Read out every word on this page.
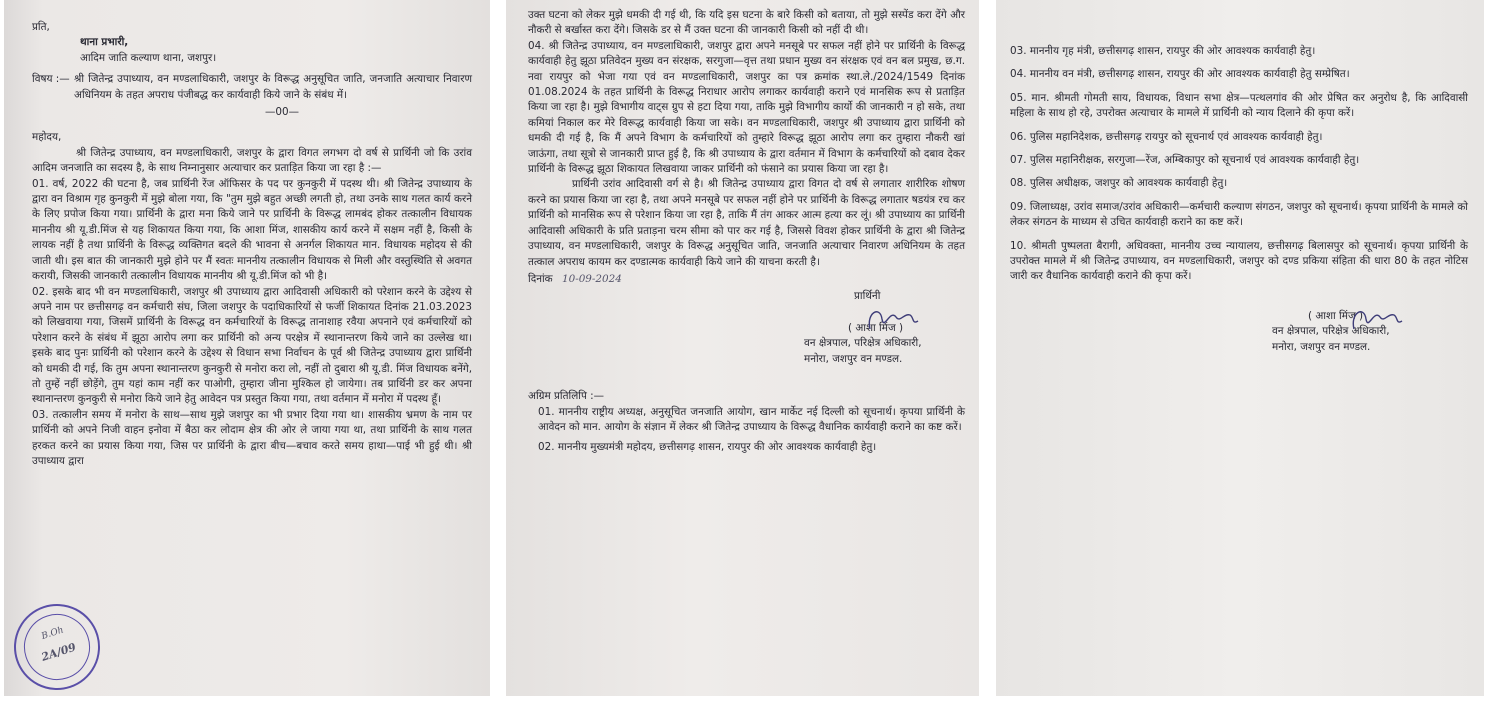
प्रति,

थाना प्रभारी,
आदिम जाति कल्याण थाना, जशपुर।
विषय :— श्री जितेन्द्र उपाध्याय, वन मण्डलाधिकारी, जशपुर के विरूद्ध अनुसूचित जाति, जनजाति अत्याचार निवारण अधिनियम के तहत अपराध पंजीबद्ध कर कार्यवाही किये जाने के संबंध में।

—00—

महोदय,

श्री जितेन्द्र उपाध्याय, वन मण्डलाधिकारी, जशपुर के द्वारा विगत लगभग दो वर्ष से प्रार्थिनी जो कि उरांव आदिम जनजाति का सदस्य है, के साथ निम्नानुसार अत्याचार कर प्रताड़ित किया जा रहा है :—

01. वर्ष, 2022 की घटना है, जब प्रार्थिनी रेंज ऑफिसर के पद पर कुनकुरी में पदस्थ थी। श्री जितेन्द्र उपाध्याय के द्वारा वन विश्राम गृह कुनकुरी में मुझे बोला गया, कि "तुम मुझे बहुत अच्छी लगती हो, तथा उनके साथ गलत कार्य करने के लिए प्रपोज किया गया। प्रार्थिनी के द्वारा मना किये जाने पर प्रार्थिनी के विरूद्ध लामबंद होकर तत्कालीन विधायक माननीय श्री यू.डी.मिंज से यह शिकायत किया गया, कि आशा मिंज, शासकीय कार्य करने में सक्षम नहीं है, किसी के लायक नहीं है तथा प्रार्थिनी के विरूद्ध व्यक्तिगत बदले की भावना से अनर्गल शिकायत मान. विधायक महोदय से की जाती थी। इस बात की जानकारी मुझे होने पर मैं स्वतः माननीय तत्कालीन विधायक से मिली और वस्तुस्थिति से अवगत करायी, जिसकी जानकारी तत्कालीन विधायक माननीय श्री यू.डी.मिंज को भी है।

02. इसके बाद भी वन मण्डलाधिकारी, जशपुर श्री उपाध्याय द्वारा आदिवासी अधिकारी को परेशान करने के उद्देश्य से अपने नाम पर छत्तीसगढ़ वन कर्मचारी संघ, जिला जशपुर के पदाधिकारियों से फर्जी शिकायत दिनांक 21.03.2023 को लिखवाया गया, जिसमें प्रार्थिनी के विरूद्ध वन कर्मचारियों के विरूद्ध तानाशाह रवैया अपनाने एवं कर्मचारियों को परेशान करने के संबंध में झूठा आरोप लगा कर प्रार्थिनी को अन्य परक्षेत्र में स्थानान्तरण किये जाने का उल्लेख था। इसके बाद पुनः प्रार्थिनी को परेशान करने के उद्देश्य से विधान सभा निर्वाचन के पूर्व श्री जितेन्द्र उपाध्याय द्वारा प्रार्थिनी को धमकी दी गई, कि तुम अपना स्थानान्तरण कुनकुरी से मनोरा करा लो, नहीं तो दुबारा श्री यू.डी. मिंज विधायक बनेंगे, तो तुम्हें नहीं छोड़ेंगे, तुम यहां काम नहीं कर पाओगी, तुम्हारा जीना मुश्किल हो जायेगा। तब प्रार्थिनी डर कर अपना स्थानान्तरण कुनकुरी से मनोरा किये जाने हेतु आवेदन पत्र प्रस्तुत किया गया, तथा वर्तमान में मनोरा में पदस्थ हूँ।

03. तत्कालीन समय में मनोरा के साथ—साथ मुझे जशपुर का भी प्रभार दिया गया था। शासकीय भ्रमण के नाम पर प्रार्थिनी को अपने निजी वाहन इनोवा में बैठा कर लोदाम क्षेत्र की ओर ले जाया गया था, तथा प्रार्थिनी के साथ गलत हरकत करने का प्रयास किया गया, जिस पर प्रार्थिनी के द्वारा बीच—बचाव करते समय हाथा—पाई भी हुई थी। श्री उपाध्याय द्वारा

B.Oh
2A/09

उक्त घटना को लेकर मुझे धमकी दी गई थी, कि यदि इस घटना के बारे किसी को बताया, तो मुझे सस्पेंड करा देंगे और नौकरी से बर्खास्त करा देंगे। जिसके डर से मैं उक्त घटना की जानकारी किसी को नहीं दी थी।

04. श्री जितेन्द्र उपाध्याय, वन मण्डलाधिकारी, जशपुर द्वारा अपने मनसूबे पर सफल नहीं होने पर प्रार्थिनी के विरूद्ध कार्यवाही हेतु झूठा प्रतिवेदन मुख्य वन संरक्षक, सरगुजा—वृत्त तथा प्रधान मुख्य वन संरक्षक एवं वन बल प्रमुख, छ.ग. नवा रायपुर को भेजा गया एवं वन मण्डलाधिकारी, जशपुर का पत्र क्रमांक स्था.ले./2024/1549 दिनांक 01.08.2024 के तहत प्रार्थिनी के विरूद्ध निराधार आरोप लगाकर कार्यवाही कराने एवं मानसिक रूप से प्रताड़ित किया जा रहा है। मुझे विभागीय वाट्स ग्रुप से हटा दिया गया, ताकि मुझे विभागीय कार्यो की जानकारी न हो सके, तथा कमियां निकाल कर मेरे विरूद्ध कार्यवाही किया जा सके। वन मण्डलाधिकारी, जशपुर श्री उपाध्याय द्वारा प्रार्थिनी को धमकी दी गई है, कि मैं अपने विभाग के कर्मचारियों को तुम्हारे विरूद्ध झूठा आरोप लगा कर तुम्हारा नौकरी खां जाऊंगा, तथा सूत्रो से जानकारी प्राप्त हुई है, कि श्री उपाध्याय के द्वारा वर्तमान में विभाग के कर्मचारियों को दबाव देकर प्रार्थिनी के विरूद्ध झूठा शिकायत लिखवाया जाकर प्रार्थिनी को फंसाने का प्रयास किया जा रहा है।

प्रार्थिनी उरांव आदिवासी वर्ग से है। श्री जितेन्द्र उपाध्याय द्वारा विगत दो वर्ष से लगातार शारीरिक शोषण करने का प्रयास किया जा रहा है, तथा अपने मनसूबे पर सफल नहीं होने पर प्रार्थिनी के विरूद्ध लगातार षडयंत्र रच कर प्रार्थिनी को मानसिक रूप से परेशान किया जा रहा है, ताकि मैं तंग आकर आत्म हत्या कर लूं। श्री उपाध्याय का प्रार्थिनी आदिवासी अधिकारी के प्रति प्रताड़ना चरम सीमा को पार कर गई है, जिससे विवश होकर प्रार्थिनी के द्वारा श्री जितेन्द्र उपाध्याय, वन मण्डलाधिकारी, जशपुर के विरूद्ध अनुसूचित जाति, जनजाति अत्याचार निवारण अधिनियम के तहत तत्काल अपराध कायम कर दण्डात्मक कार्यवाही किये जाने की याचना करती है।

दिनांक 10-09-2024

प्रार्थिनी
( आशा मिंज )
वन क्षेत्रपाल, परिक्षेत्र अधिकारी,
मनोरा, जशपुर वन मण्डल.

अग्रिम प्रतिलिपि :—

01. माननीय राष्ट्रीय अध्यक्ष, अनुसूचित जनजाति आयोग, खान मार्केट नई दिल्ली को सूचनार्थ। कृपया प्रार्थिनी के आवेदन को मान. आयोग के संज्ञान में लेकर श्री जितेन्द्र उपाध्याय के विरूद्ध वैधानिक कार्यवाही कराने का कष्ट करें।

02. माननीय मुख्यमंत्री महोदय, छत्तीसगढ़ शासन, रायपुर की ओर आवश्यक कार्यवाही हेतु।

03. माननीय गृह मंत्री, छत्तीसगढ़ शासन, रायपुर की ओर आवश्यक कार्यवाही हेतु।

04. माननीय वन मंत्री, छत्तीसगढ़ शासन, रायपुर की ओर आवश्यक कार्यवाही हेतु सम्प्रेषित।

05. मान. श्रीमती गोमती साय, विधायक, विधान सभा क्षेत्र—पत्थलगांव की ओर प्रेषित कर अनुरोध है, कि आदिवासी महिला के साथ हो रहे, उपरोक्त अत्याचार के मामले में प्रार्थिनी को न्याय दिलाने की कृपा करें।

06. पुलिस महानिदेशक, छत्तीसगढ़ रायपुर को सूचनार्थ एवं आवश्यक कार्यवाही हेतु।

07. पुलिस महानिरीक्षक, सरगुजा—रेंज, अम्बिकापुर को सूचनार्थ एवं आवश्यक कार्यवाही हेतु।

08. पुलिस अधीक्षक, जशपुर को आवश्यक कार्यवाही हेतु।

09. जिलाध्यक्ष, उरांव समाज/उरांव अधिकारी—कर्मचारी कल्याण संगठन, जशपुर को सूचनार्थ। कृपया प्रार्थिनी के मामले को लेकर संगठन के माध्यम से उचित कार्यवाही कराने का कष्ट करें।

10. श्रीमती पुष्पलता बैरागी, अधिवक्ता, माननीय उच्च न्यायालय, छत्तीसगढ़ बिलासपुर को सूचनार्थ। कृपया प्रार्थिनी के उपरोक्त मामले में श्री जितेन्द्र उपाध्याय, वन मण्डलाधिकारी, जशपुर को दण्ड प्रकिया संहिता की धारा 80 के तहत नोटिस जारी कर वैधानिक कार्यवाही कराने की कृपा करें।

( आशा मिंज )
वन क्षेत्रपाल, परिक्षेत्र अधिकारी,
मनोरा, जशपुर वन मण्डल.
